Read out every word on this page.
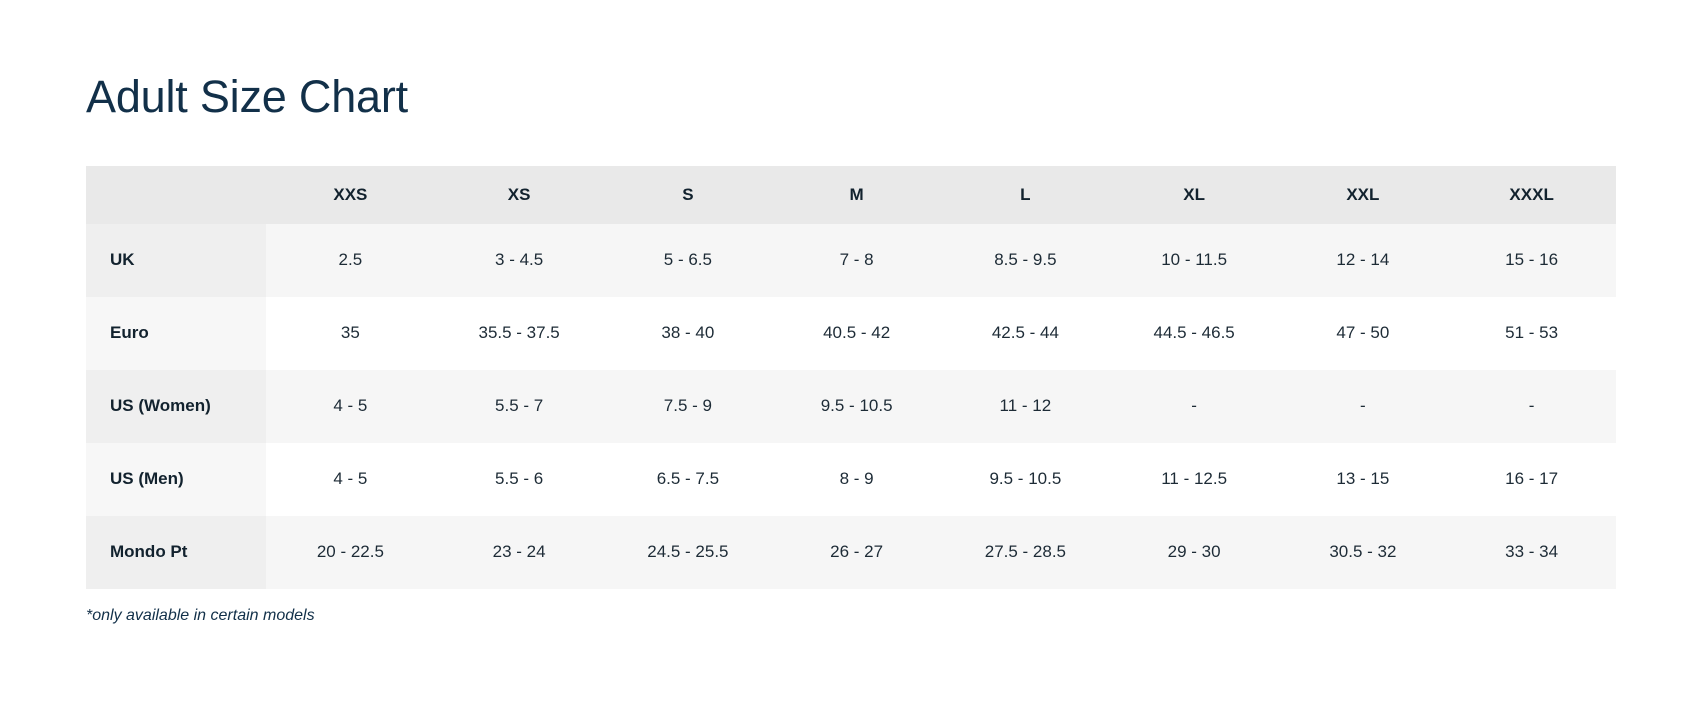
Adult Size Chart
	XXS	XS	S	M	L	XL	XXL	XXXL
UK	2.5	3 - 4.5	5 - 6.5	7 - 8	8.5 - 9.5	10 - 11.5	12 - 14	15 - 16
Euro	35	35.5 - 37.5	38 - 40	40.5 - 42	42.5 - 44	44.5 - 46.5	47 - 50	51 - 53
US (Women)	4 - 5	5.5 - 7	7.5 - 9	9.5 - 10.5	11 - 12	-	-	-
US (Men)	4 - 5	5.5 - 6	6.5 - 7.5	8 - 9	9.5 - 10.5	11 - 12.5	13 - 15	16 - 17
Mondo Pt	20 - 22.5	23 - 24	24.5 - 25.5	26 - 27	27.5 - 28.5	29 - 30	30.5 - 32	33 - 34
*only available in certain models
